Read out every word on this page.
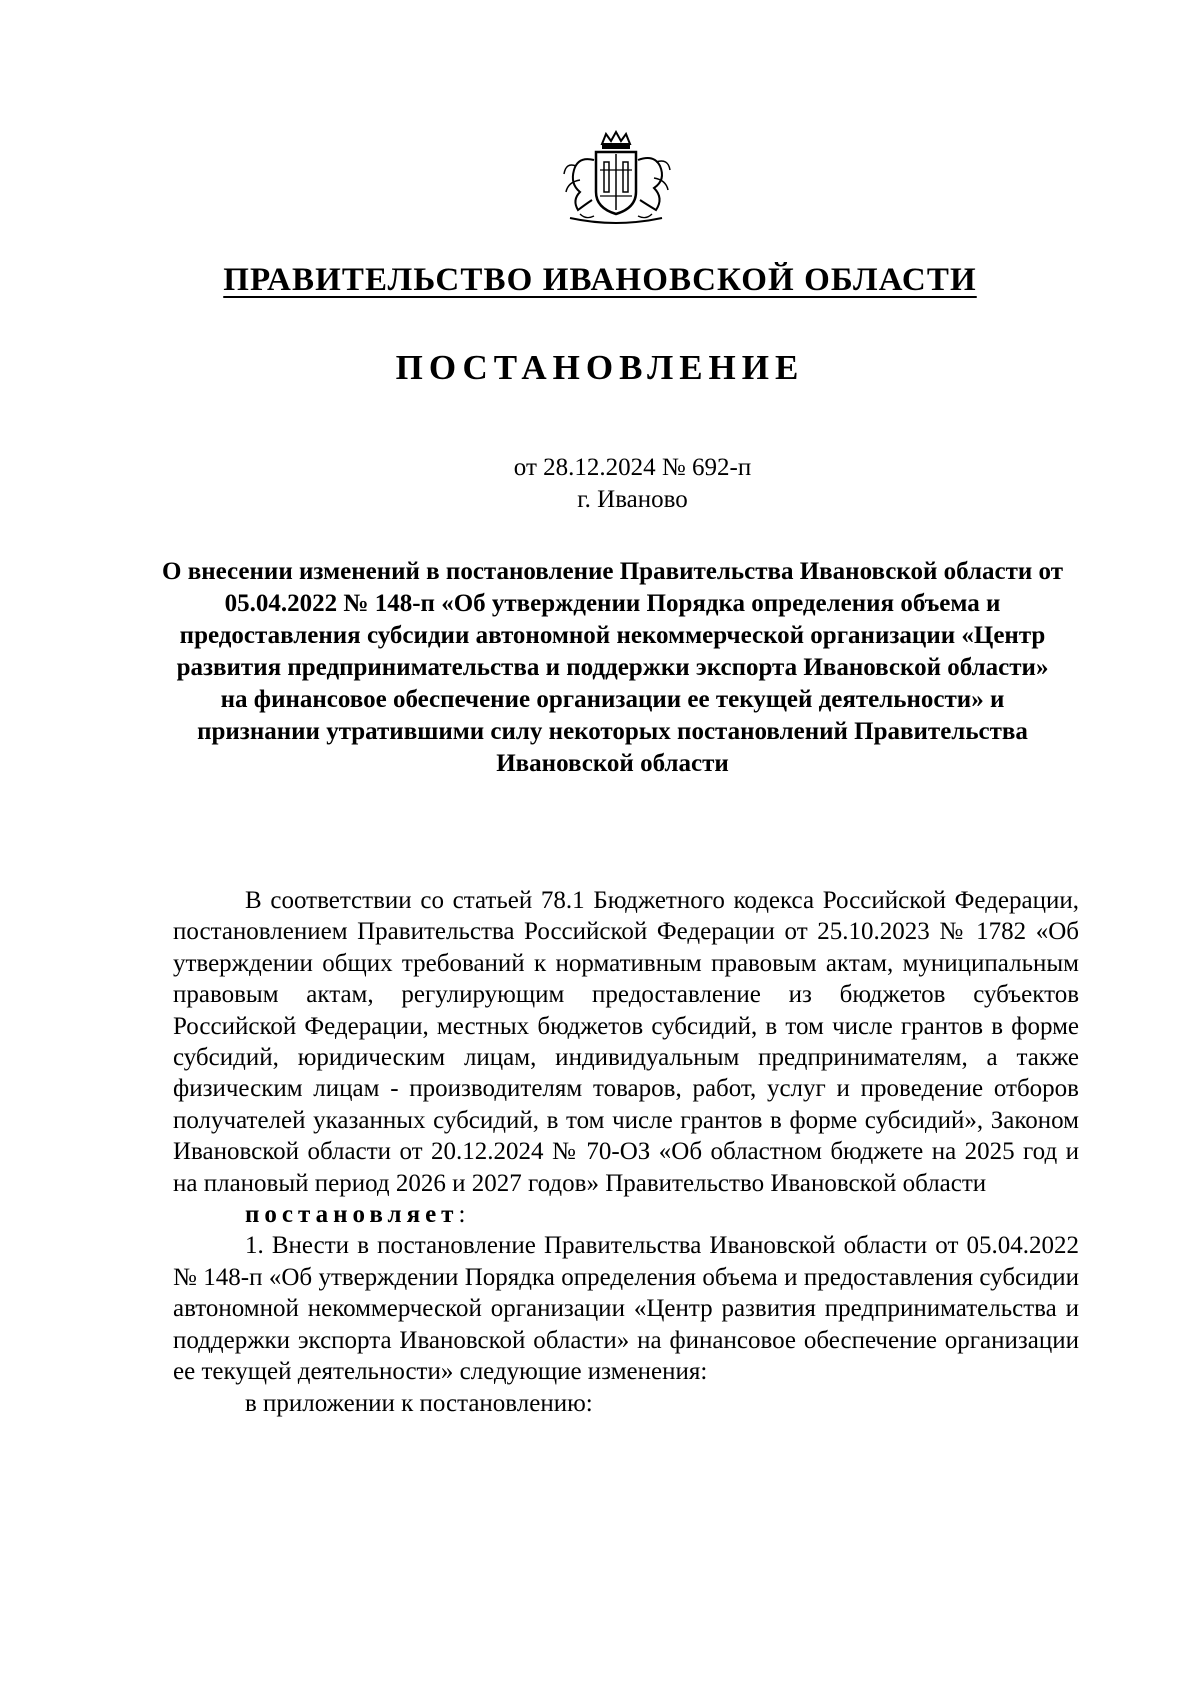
ПРАВИТЕЛЬСТВО ИВАНОВСКОЙ ОБЛАСТИ
ПОСТАНОВЛЕНИЕ
от 28.12.2024 № 692-п
г. Иваново
О внесении изменений в постановление Правительства Ивановской области от 05.04.2022 № 148-п «Об утверждении Порядка определения объема и предоставления субсидии автономной некоммерческой организации «Центр развития предпринимательства и поддержки экспорта Ивановской области» на финансовое обеспечение организации ее текущей деятельности» и признании утратившими силу некоторых постановлений Правительства Ивановской области

В соответствии со статьей 78.1 Бюджетного кодекса Российской Федерации, постановлением Правительства Российской Федерации от 25.10.2023 № 1782 «Об утверждении общих требований к нормативным правовым актам, муниципальным правовым актам, регулирующим предоставление из бюджетов субъектов Российской Федерации, местных бюджетов субсидий, в том числе грантов в форме субсидий, юридическим лицам, индивидуальным предпринимателям, а также физическим лицам - производителям товаров, работ, услуг и проведение отборов получателей указанных субсидий, в том числе грантов в форме субсидий», Законом Ивановской области от 20.12.2024 № 70-ОЗ «Об областном бюджете на 2025 год и на плановый период 2026 и 2027 годов» Правительство Ивановской области

постановляет:

1. Внести в постановление Правительства Ивановской области от 05.04.2022 № 148-п «Об утверждении Порядка определения объема и предоставления субсидии автономной некоммерческой организации «Центр развития предпринимательства и поддержки экспорта Ивановской области» на финансовое обеспечение организации ее текущей деятельности» следующие изменения:

в приложении к постановлению:
